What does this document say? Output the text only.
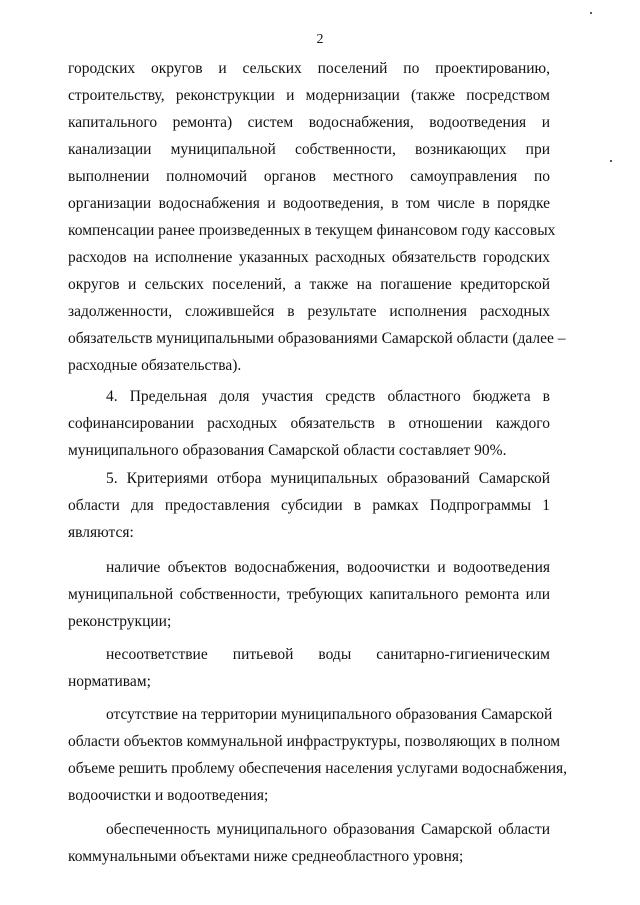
2

городских округов и сельских поселений по проектированию,
строительству, реконструкции и модернизации (также посредством
капитального ремонта) систем водоснабжения, водоотведения и
канализации муниципальной собственности, возникающих при
выполнении полномочий органов местного самоуправления по
организации водоснабжения и водоотведения, в том числе в порядке
компенсации ранее произведенных в текущем финансовом году кассовых
расходов на исполнение указанных расходных обязательств городских
округов и сельских поселений, а также на погашение кредиторской
задолженности, сложившейся в результате исполнения расходных
обязательств муниципальными образованиями Самарской области (далее –
расходные обязательства).

4. Предельная доля участия средств областного бюджета в
софинансировании расходных обязательств в отношении каждого
муниципального образования Самарской области составляет 90%.

5. Критериями отбора муниципальных образований Самарской
области для предоставления субсидии в рамках Подпрограммы 1
являются:

наличие объектов водоснабжения, водоочистки и водоотведения
муниципальной собственности, требующих капитального ремонта или
реконструкции;

несоответствие питьевой воды санитарно-гигиеническим
нормативам;

отсутствие на территории муниципального образования Самарской
области объектов коммунальной инфраструктуры, позволяющих в полном
объеме решить проблему обеспечения населения услугами водоснабжения,
водоочистки и водоотведения;

обеспеченность муниципального образования Самарской области
коммунальными объектами ниже среднеобластного уровня;
